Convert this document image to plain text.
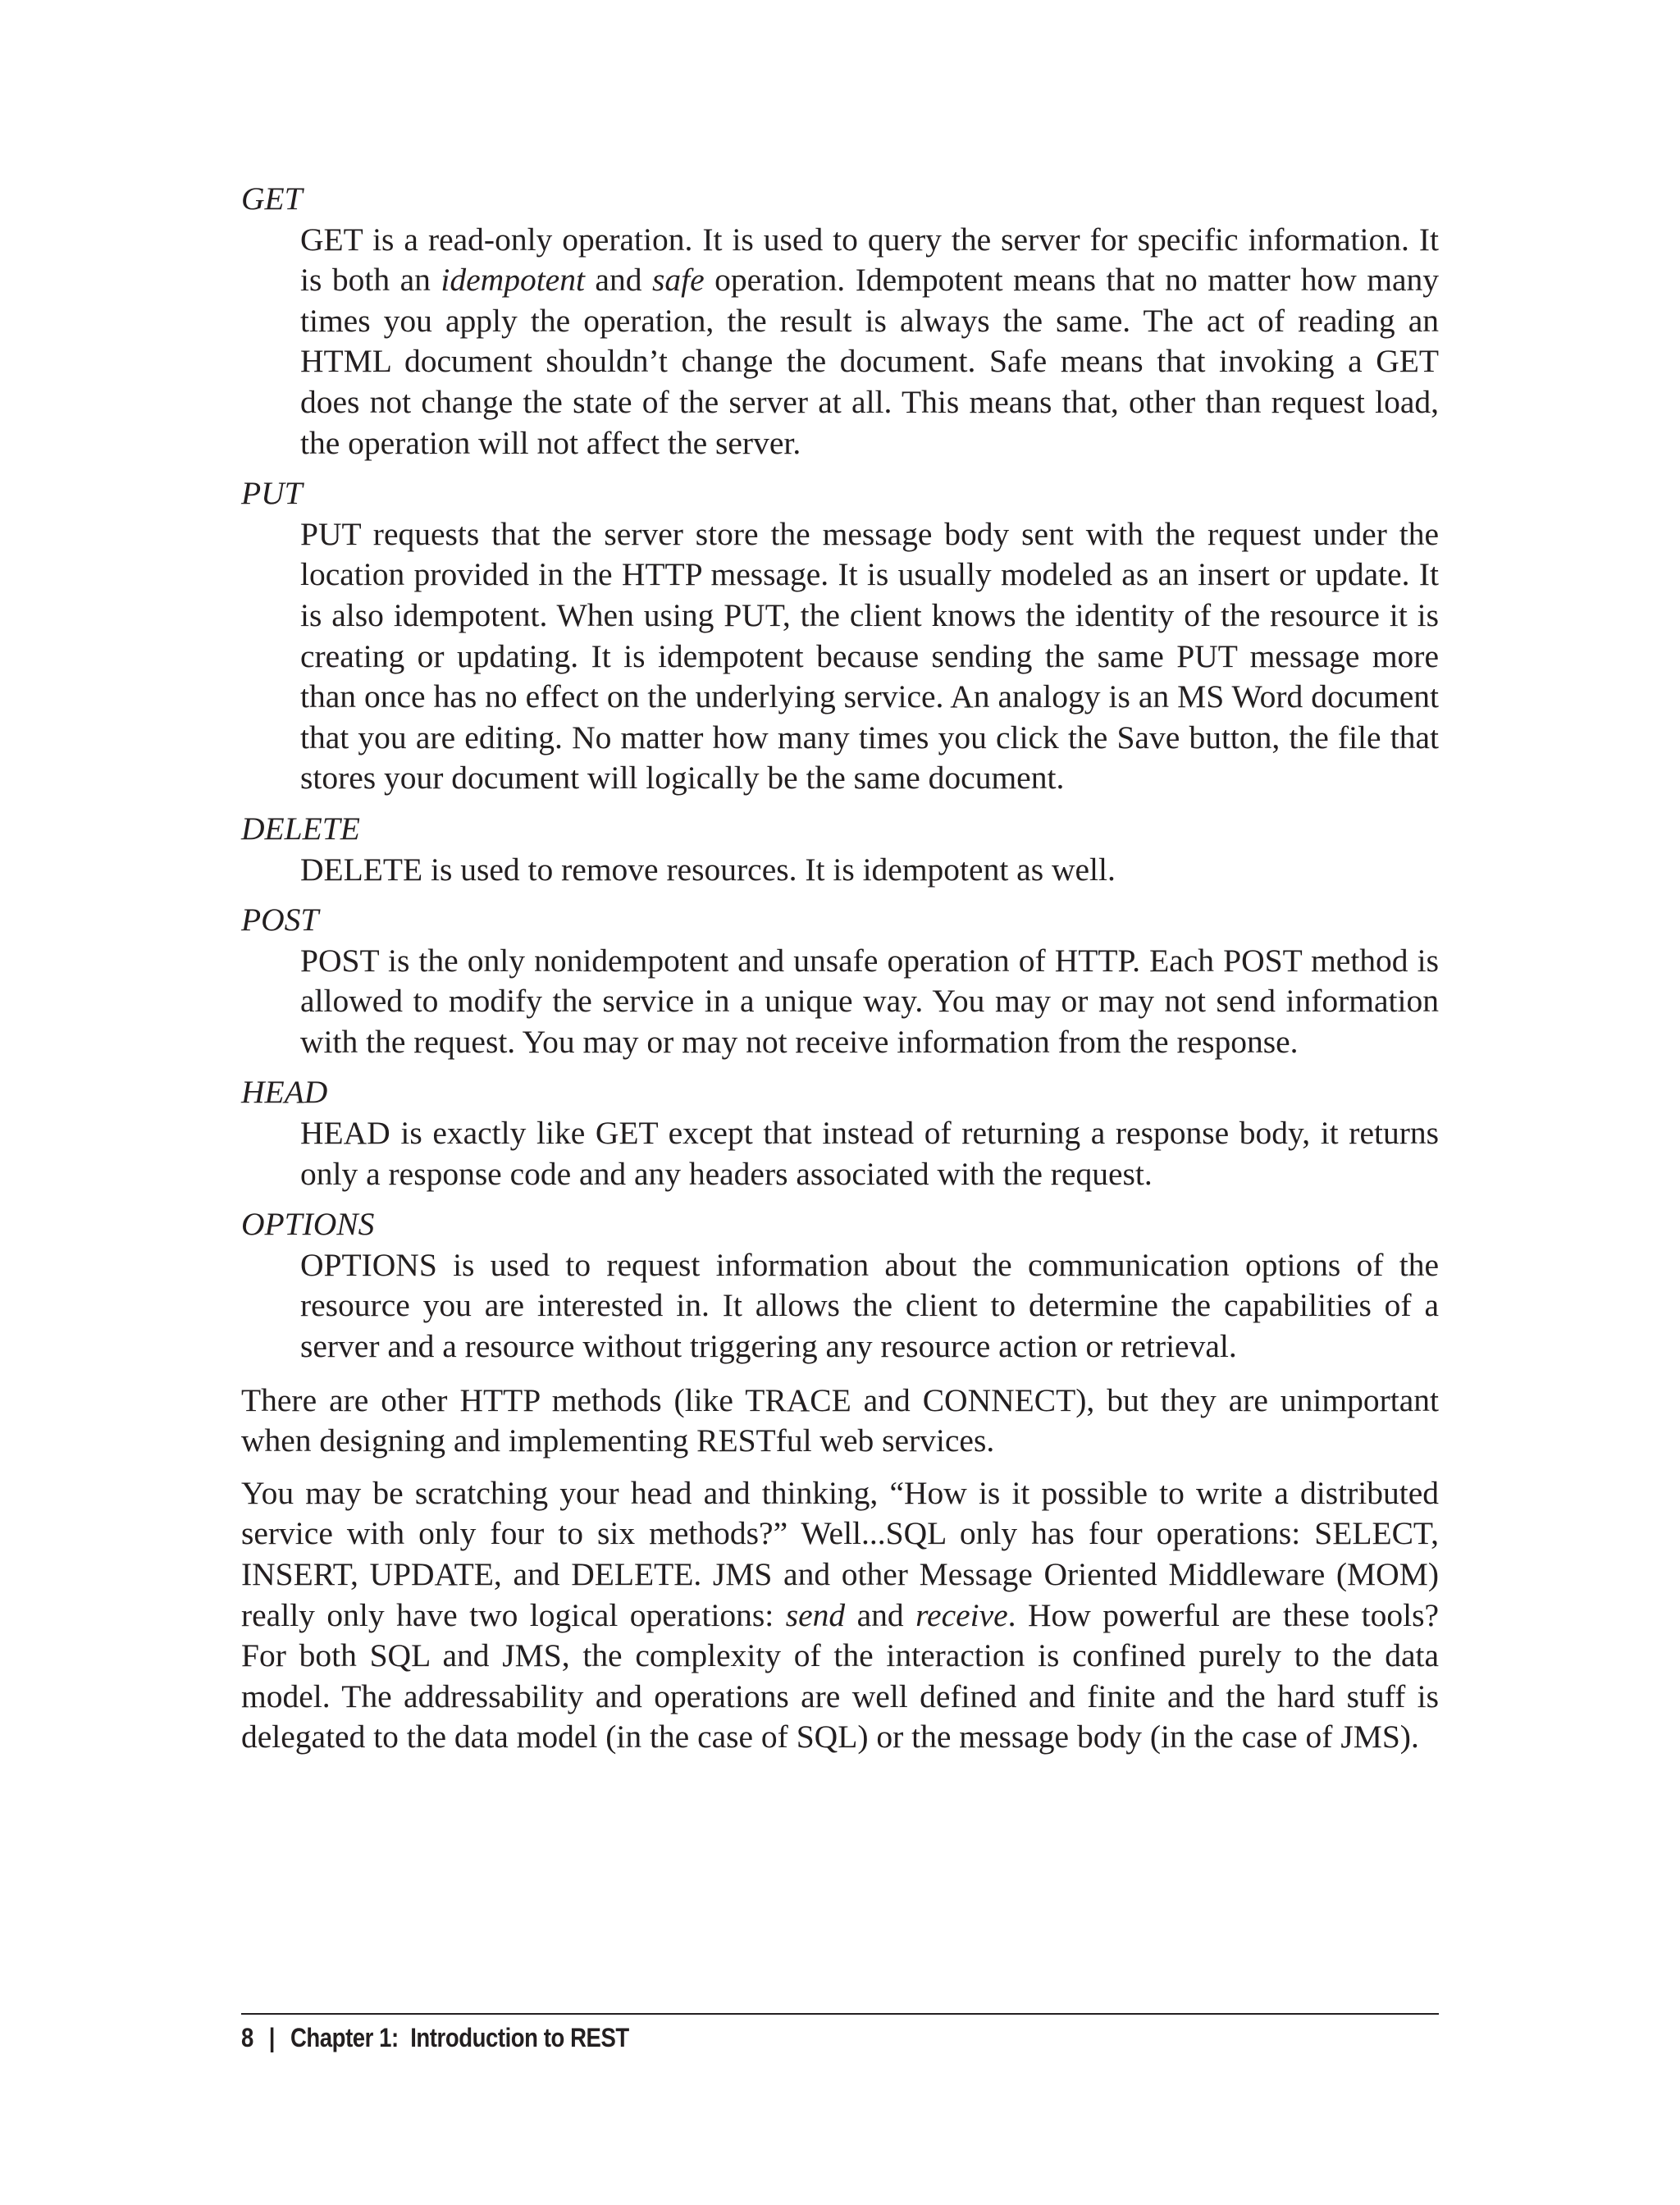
GET
GET is a read-only operation. It is used to query the server for specific information. It is both an idempotent and safe operation. Idempotent means that no matter how many times you apply the operation, the result is always the same. The act of reading an HTML document shouldn’t change the document. Safe means that invoking a GET does not change the state of the server at all. This means that, other than request load, the operation will not affect the server.
PUT
PUT requests that the server store the message body sent with the request under the location provided in the HTTP message. It is usually modeled as an insert or update. It is also idempotent. When using PUT, the client knows the identity of the resource it is creating or updating. It is idempotent because sending the same PUT message more than once has no effect on the underlying service. An analogy is an MS Word document that you are editing. No matter how many times you click the Save button, the file that stores your document will logically be the same document.
DELETE
DELETE is used to remove resources. It is idempotent as well.
POST
POST is the only nonidempotent and unsafe operation of HTTP. Each POST method is allowed to modify the service in a unique way. You may or may not send information with the request. You may or may not receive information from the response.
HEAD
HEAD is exactly like GET except that instead of returning a response body, it returns only a response code and any headers associated with the request.
OPTIONS
OPTIONS is used to request information about the communication options of the resource you are interested in. It allows the client to determine the capabilities of a server and a resource without triggering any resource action or retrieval.

There are other HTTP methods (like TRACE and CONNECT), but they are unimportant when designing and implementing RESTful web services.

You may be scratching your head and thinking, “How is it possible to write a distributed service with only four to six methods?” Well...SQL only has four operations: SELECT, INSERT, UPDATE, and DELETE. JMS and other Message Oriented Middleware (MOM) really only have two logical operations: send and receive. How powerful are these tools? For both SQL and JMS, the complexity of the interaction is confined purely to the data model. The addressability and operations are well defined and finite and the hard stuff is delegated to the data model (in the case of SQL) or the message body (in the case of JMS).

8 | Chapter 1:  Introduction to REST
